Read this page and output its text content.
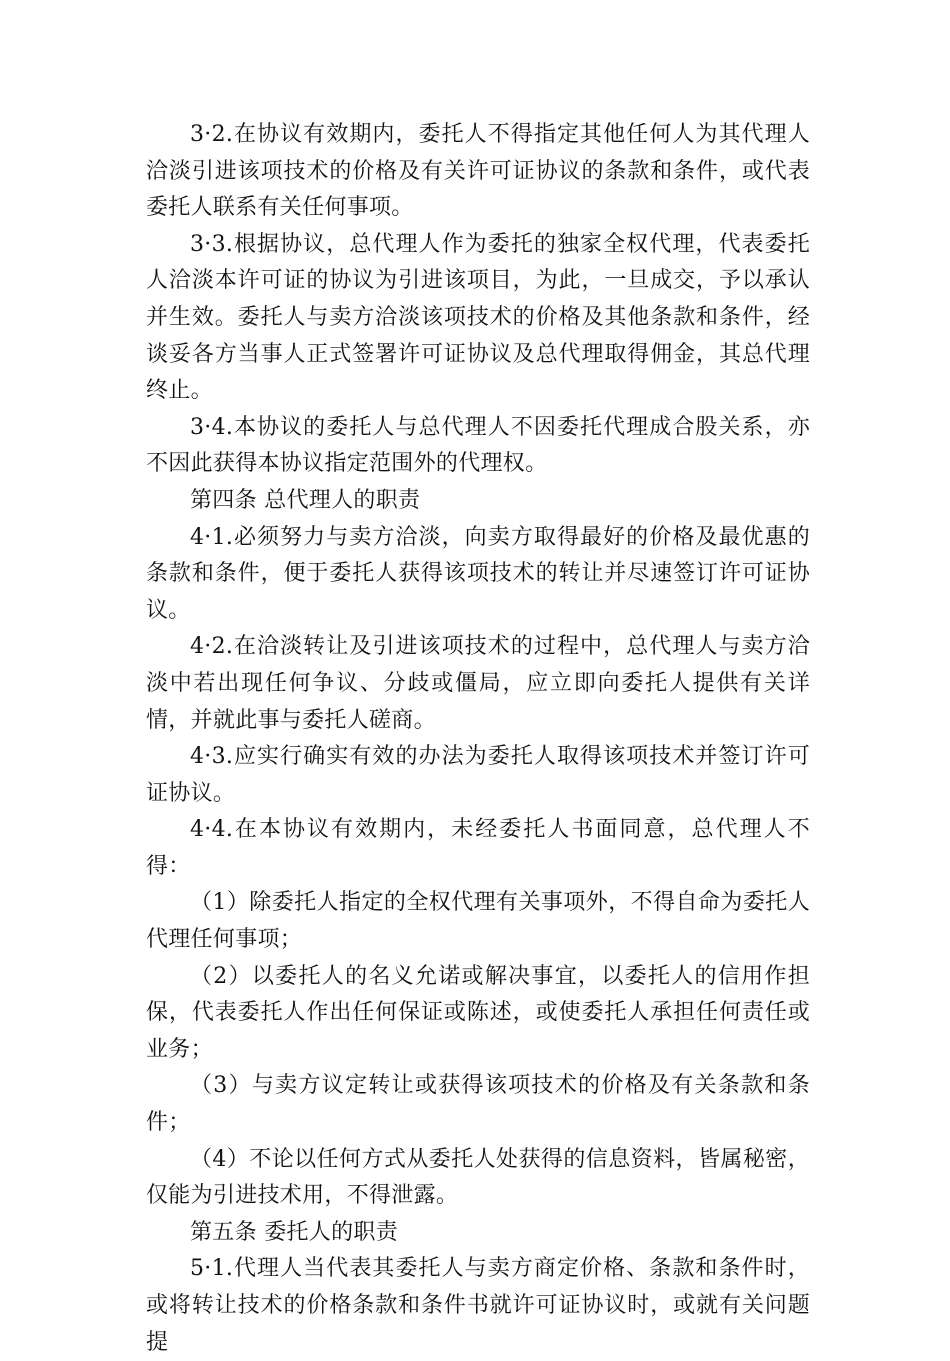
3·2.在协议有效期内，委托人不得指定其他任何人为其代理人洽淡引进该项技术的价格及有关许可证协议的条款和条件，或代表委托人联系有关任何事项。

3·3.根据协议，总代理人作为委托的独家全权代理，代表委托人洽淡本许可证的协议为引进该项目，为此，一旦成交，予以承认并生效。委托人与卖方洽淡该项技术的价格及其他条款和条件，经谈妥各方当事人正式签署许可证协议及总代理取得佣金，其总代理终止。

3·4.本协议的委托人与总代理人不因委托代理成合股关系，亦不因此获得本协议指定范围外的代理权。

第四条 总代理人的职责

4·1.必须努力与卖方洽淡，向卖方取得最好的价格及最优惠的条款和条件，便于委托人获得该项技术的转让并尽速签订许可证协议。

4·2.在洽淡转让及引进该项技术的过程中，总代理人与卖方洽淡中若出现任何争议、分歧或僵局，应立即向委托人提供有关详情，并就此事与委托人磋商。

4·3.应实行确实有效的办法为委托人取得该项技术并签订许可证协议。

4·4.在本协议有效期内，未经委托人书面同意，总代理人不得：

（1）除委托人指定的全权代理有关事项外，不得自命为委托人代理任何事项；

（2）以委托人的名义允诺或解决事宜，以委托人的信用作担保，代表委托人作出任何保证或陈述，或使委托人承担任何责任或业务；

（3）与卖方议定转让或获得该项技术的价格及有关条款和条件；

（4）不论以任何方式从委托人处获得的信息资料，皆属秘密，仅能为引进技术用，不得泄露。

第五条 委托人的职责

5·1.代理人当代表其委托人与卖方商定价格、条款和条件时，或将转让技术的价格条款和条件书就许可证协议时，或就有关问题提
